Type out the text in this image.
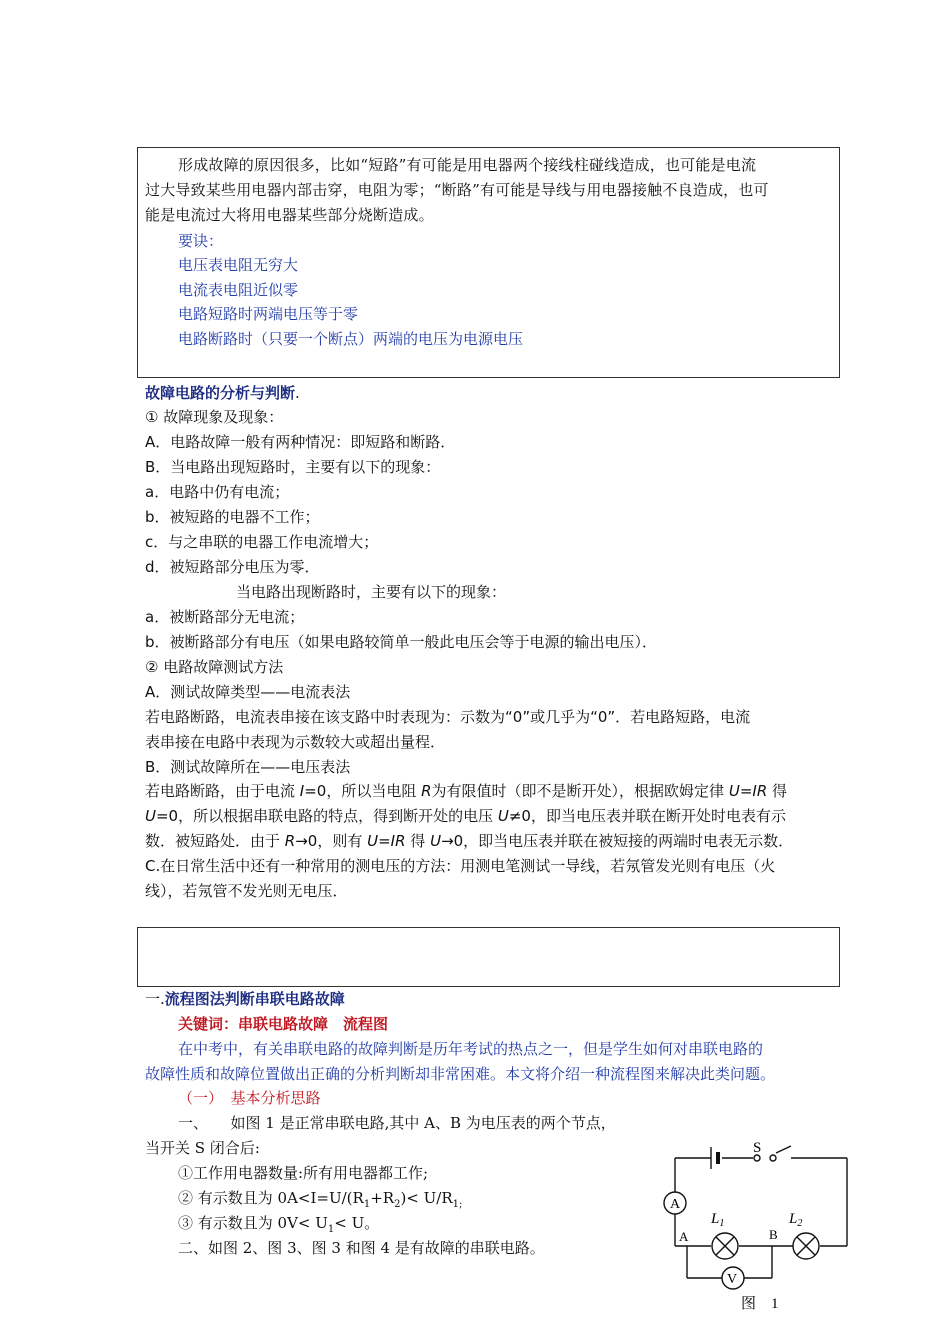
形成故障的原因很多，比如“短路”有可能是用电器两个接线柱碰线造成，也可能是电流
过大导致某些用电器内部击穿，电阻为零；“断路”有可能是导线与用电器接触不良造成，也可
能是电流过大将用电器某些部分烧断造成。
要诀：
电压表电阻无穷大
电流表电阻近似零
电路短路时两端电压等于零
电路断路时（只要一个断点）两端的电压为电源电压
故障电路的分析与判断.
① 故障现象及现象：
A．电路故障一般有两种情况：即短路和断路．
B．当电路出现短路时，主要有以下的现象：
a．电路中仍有电流；
b．被短路的电器不工作；
c．与之串联的电器工作电流增大；
d．被短路部分电压为零．
当电路出现断路时，主要有以下的现象：
a．被断路部分无电流；
b．被断路部分有电压（如果电路较简单一般此电压会等于电源的输出电压）．
② 电路故障测试方法
A．测试故障类型——电流表法
若电路断路，电流表串接在该支路中时表现为：示数为“0”或几乎为“0”．若电路短路，电流
表串接在电路中表现为示数较大或超出量程．
B．测试故障所在——电压表法
若电路断路，由于电流 I=0，所以当电阻 R为有限值时（即不是断开处），根据欧姆定律 U=IR 得
U=0，所以根据串联电路的特点，得到断开处的电压 U≠0，即当电压表并联在断开处时电表有示
数．被短路处．由于 R→0，则有 U=IR 得 U→0，即当电压表并联在被短接的两端时电表无示数．
C.在日常生活中还有一种常用的测电压的方法：用测电笔测试一导线，若氖管发光则有电压（火
线），若氖管不发光则无电压．
一.流程图法判断串联电路故障
关键词：串联电路故障　流程图
在中考中，有关串联电路的故障判断是历年考试的热点之一，但是学生如何对串联电路的
故障性质和故障位置做出正确的分析判断却非常困难。本文将介绍一种流程图来解决此类问题。
（一）　基本分析思路
一、　　如图 1 是正常串联电路,其中 A、B 为电压表的两个节点，
当开关 S 闭合后:
①工作用电器数量:所有用电器都工作;
② 有示数且为 $0A<I=U/(R_1+R_2)< U/R_{1;}$
③ 有示数且为 $0V< U_1< U$。
二、如图 2、图 3、图 3 和图 4 是有故障的串联电路。
S
A
V
$L_1$	$L_2$
A	B
图　1
